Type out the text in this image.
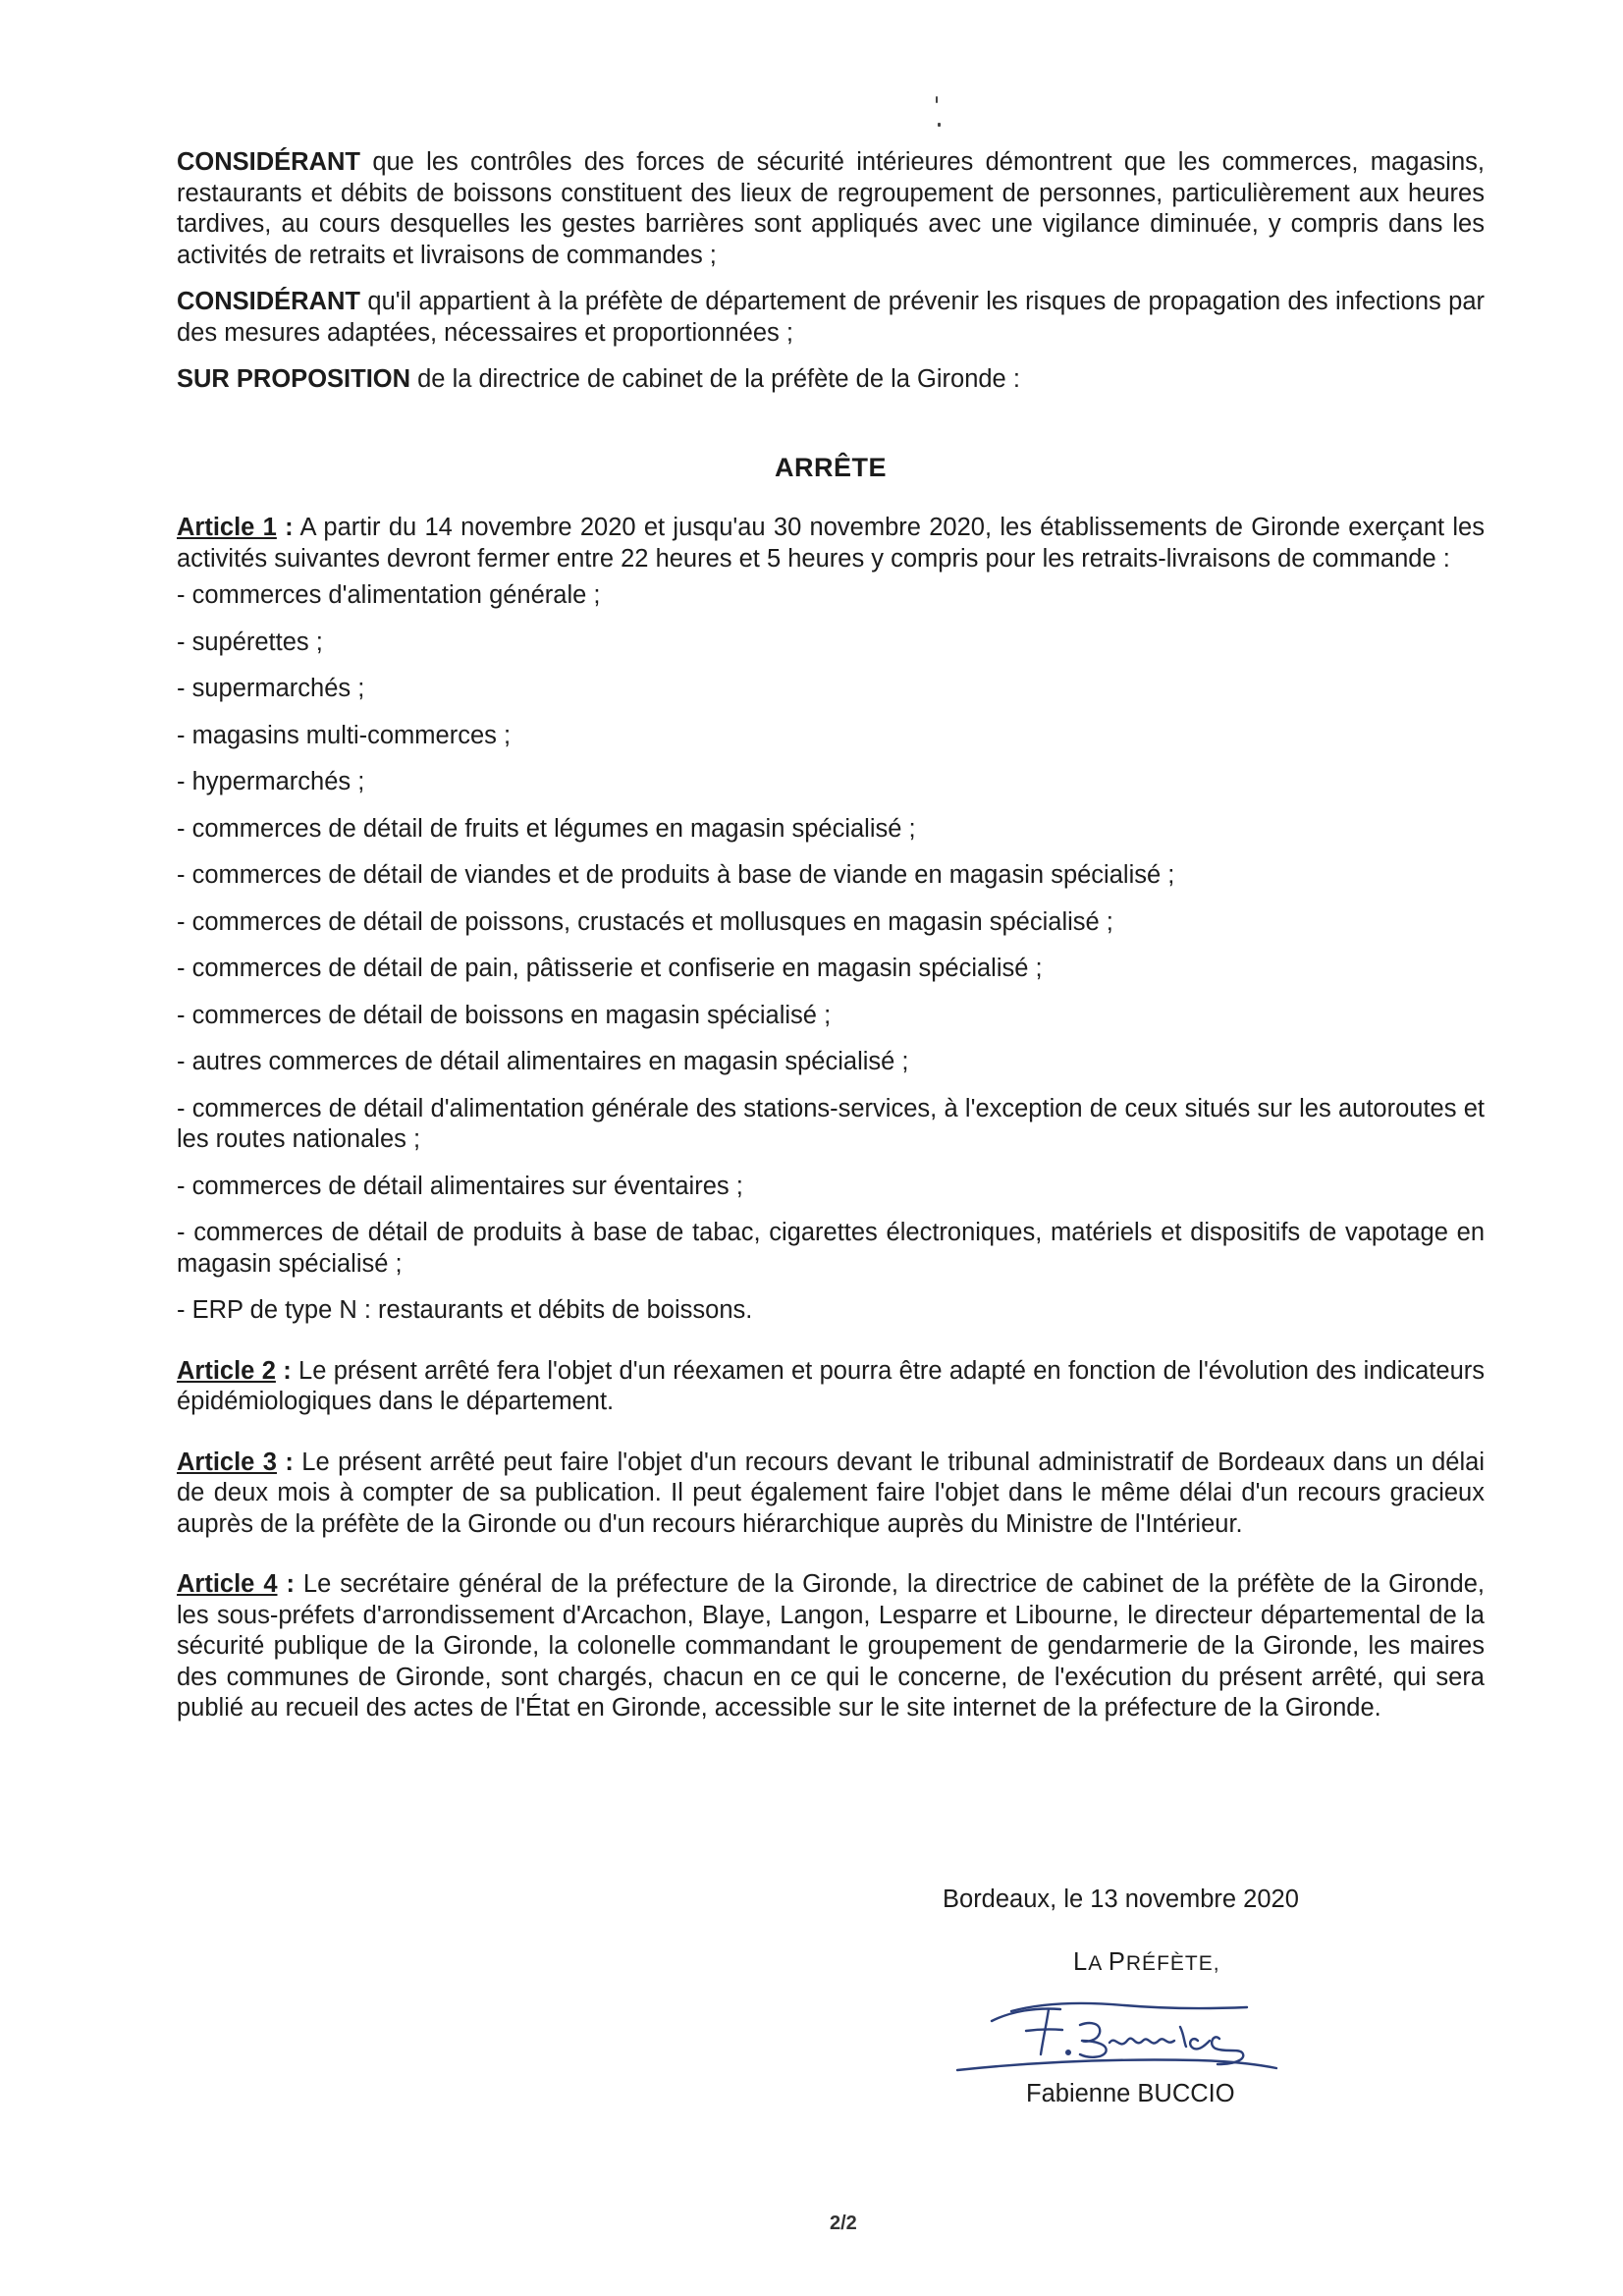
CONSIDÉRANT que les contrôles des forces de sécurité intérieures démontrent que les commerces, magasins, restaurants et débits de boissons constituent des lieux de regroupement de personnes, particulièrement aux heures tardives, au cours desquelles les gestes barrières sont appliqués avec une vigilance diminuée, y compris dans les activités de retraits et livraisons de commandes ;

CONSIDÉRANT qu'il appartient à la préfète de département de prévenir les risques de propagation des infections par des mesures adaptées, nécessaires et proportionnées ;

SUR PROPOSITION de la directrice de cabinet de la préfète de la Gironde :

ARRÊTE

Article 1 : A partir du 14 novembre 2020 et jusqu'au 30 novembre 2020, les établissements de Gironde exerçant les activités suivantes devront fermer entre 22 heures et 5 heures y compris pour les retraits-livraisons de commande :

- commerces d'alimentation générale ;

- supérettes ;

- supermarchés ;

- magasins multi-commerces ;

- hypermarchés ;

- commerces de détail de fruits et légumes en magasin spécialisé ;

- commerces de détail de viandes et de produits à base de viande en magasin spécialisé ;

- commerces de détail de poissons, crustacés et mollusques en magasin spécialisé ;

- commerces de détail de pain, pâtisserie et confiserie en magasin spécialisé ;

- commerces de détail de boissons en magasin spécialisé ;

- autres commerces de détail alimentaires en magasin spécialisé ;

- commerces de détail d'alimentation générale des stations-services, à l'exception de ceux situés sur les autoroutes et les routes nationales ;

- commerces de détail alimentaires sur éventaires ;

- commerces de détail de produits à base de tabac, cigarettes électroniques, matériels et dispositifs de vapotage en magasin spécialisé ;

- ERP de type N : restaurants et débits de boissons.

Article 2 : Le présent arrêté fera l'objet d'un réexamen et pourra être adapté en fonction de l'évolution des indicateurs épidémiologiques dans le département.

Article 3 : Le présent arrêté peut faire l'objet d'un recours devant le tribunal administratif de Bordeaux dans un délai de deux mois à compter de sa publication. Il peut également faire l'objet dans le même délai d'un recours gracieux auprès de la préfète de la Gironde ou d'un recours hiérarchique auprès du Ministre de l'Intérieur.

Article 4 : Le secrétaire général de la préfecture de la Gironde, la directrice de cabinet de la préfète de la Gironde, les sous-préfets d'arrondissement d'Arcachon, Blaye, Langon, Lesparre et Libourne, le directeur départemental de la sécurité publique de la Gironde, la colonelle commandant le groupement de gendarmerie de la Gironde, les maires des communes de Gironde, sont chargés, chacun en ce qui le concerne, de l'exécution du présent arrêté, qui sera publié au recueil des actes de l'État en Gironde, accessible sur le site internet de la préfecture de la Gironde.

Bordeaux, le 13 novembre 2020
LA PRÉFÈTE,
Fabienne BUCCIO
2/2
